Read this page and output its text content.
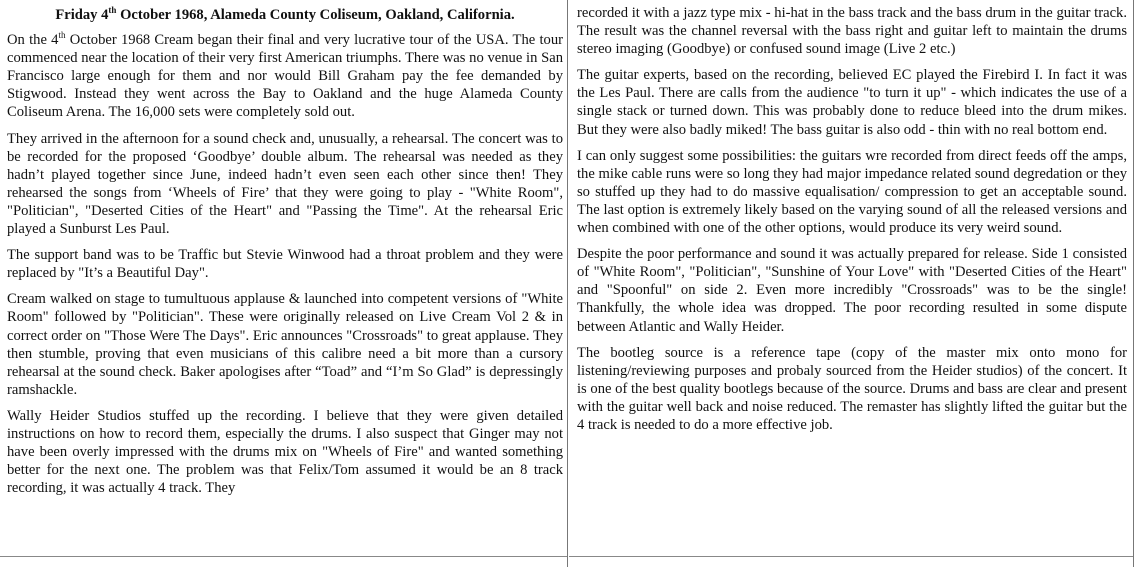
Friday 4th October 1968, Alameda County Coliseum, Oakland, California.

On the 4th October 1968 Cream began their final and very lucrative tour of the USA. The tour commenced near the location of their very first American triumphs. There was no venue in San Francisco large enough for them and nor would Bill Graham pay the fee demanded by Stigwood. Instead they went across the Bay to Oakland and the huge Alameda County Coliseum Arena. The 16,000 sets were completely sold out.

They arrived in the afternoon for a sound check and, unusually, a rehearsal. The concert was to be recorded for the proposed ‘Goodbye’ double album. The rehearsal was needed as they hadn’t played together since June, indeed hadn’t even seen each other since then! They rehearsed the songs from ‘Wheels of Fire’ that they were going to play - "White Room", "Politician", "Deserted Cities of the Heart" and "Passing the Time". At the rehearsal Eric played a Sunburst Les Paul.

The support band was to be Traffic but Stevie Winwood had a throat problem and they were replaced by "It’s a Beautiful Day".

Cream walked on stage to tumultuous applause & launched into competent versions of "White Room" followed by "Politician". These were originally released on Live Cream Vol 2 & in correct order on "Those Were The Days". Eric announces "Crossroads" to great applause. They then stumble, proving that even musicians of this calibre need a bit more than a cursory rehearsal at the sound check. Baker apologises after “Toad” and “I’m So Glad” is depressingly ramshackle.

Wally Heider Studios stuffed up the recording. I believe that they were given detailed instructions on how to record them, especially the drums. I also suspect that Ginger may not have been overly impressed with the drums mix on "Wheels of Fire" and wanted something better for the next one. The problem was that Felix/Tom assumed it would be an 8 track recording, it was actually 4 track. They

recorded it with a jazz type mix - hi-hat in the bass track and the bass drum in the guitar track. The result was the channel reversal with the bass right and guitar left to maintain the drums stereo imaging (Goodbye) or confused sound image (Live 2 etc.)

The guitar experts, based on the recording, believed EC played the Firebird I. In fact it was the Les Paul. There are calls from the audience "to turn it up" - which indicates the use of a single stack or turned down. This was probably done to reduce bleed into the drum mikes. But they were also badly miked! The bass guitar is also odd - thin with no real bottom end.

I can only suggest some possibilities: the guitars wre recorded from direct feeds off the amps, the mike cable runs were so long they had major impedance related sound degredation or they so stuffed up they had to do massive equalisation/ compression to get an acceptable sound. The last option is extremely likely based on the varying sound of all the released versions and when combined with one of the other options, would produce its very weird sound.

Despite the poor performance and sound it was actually prepared for release. Side 1 consisted of "White Room", "Politician", "Sunshine of Your Love" with "Deserted Cities of the Heart" and "Spoonful" on side 2. Even more incredibly "Crossroads" was to be the single! Thankfully, the whole idea was dropped. The poor recording resulted in some dispute between Atlantic and Wally Heider.

The bootleg source is a reference tape (copy of the master mix onto mono for listening/reviewing purposes and probaly sourced from the Heider studios) of the concert. It is one of the best quality bootlegs because of the source. Drums and bass are clear and present with the guitar well back and noise reduced. The remaster has slightly lifted the guitar but the 4 track is needed to do a more effective job.
